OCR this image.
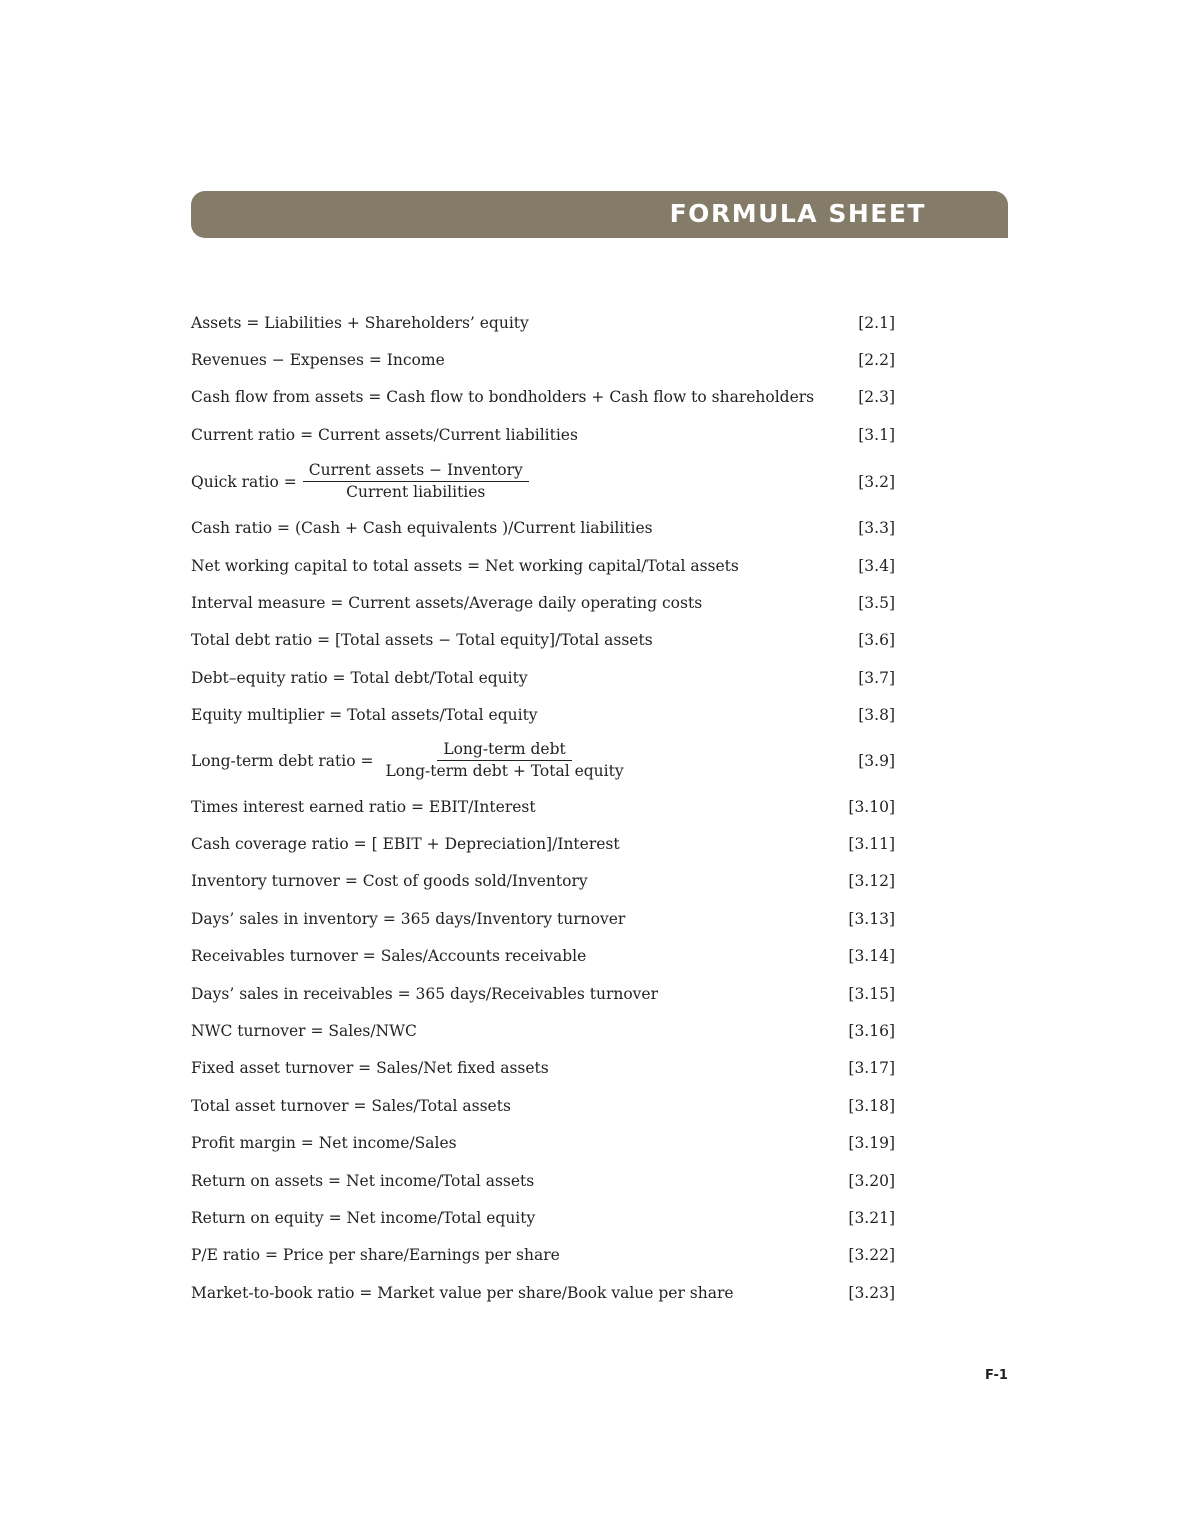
FORMULA SHEET
Assets = Liabilities + Shareholders’ equity	[2.1]
Revenues − Expenses = Income	[2.2]
Cash flow from assets = Cash flow to bondholders + Cash flow to shareholders	[2.3]
Current ratio = Current assets/Current liabilities	[3.1]
Quick ratio = $\frac{\text{Current assets − Inventory}}{\text{Current liabilities}}$	[3.2]
Cash ratio = (Cash + Cash equivalents )/Current liabilities	[3.3]
Net working capital to total assets = Net working capital/Total assets	[3.4]
Interval measure = Current assets/Average daily operating costs	[3.5]
Total debt ratio = [Total assets − Total equity]/Total assets	[3.6]
Debt–equity ratio = Total debt/Total equity	[3.7]
Equity multiplier = Total assets/Total equity	[3.8]
Long-term debt ratio = $\frac{\text{Long-term debt}}{\text{Long-term debt + Total equity}}$	[3.9]
Times interest earned ratio = EBIT/Interest	[3.10]
Cash coverage ratio = [ EBIT + Depreciation]/Interest	[3.11]
Inventory turnover = Cost of goods sold/Inventory	[3.12]
Days’ sales in inventory = 365 days/Inventory turnover	[3.13]
Receivables turnover = Sales/Accounts receivable	[3.14]
Days’ sales in receivables = 365 days/Receivables turnover	[3.15]
NWC turnover = Sales/NWC	[3.16]
Fixed asset turnover = Sales/Net fixed assets	[3.17]
Total asset turnover = Sales/Total assets	[3.18]
Profit margin = Net income/Sales	[3.19]
Return on assets = Net income/Total assets	[3.20]
Return on equity = Net income/Total equity	[3.21]
P/E ratio = Price per share/Earnings per share	[3.22]
Market-to-book ratio = Market value per share/Book value per share	[3.23]
F-1
